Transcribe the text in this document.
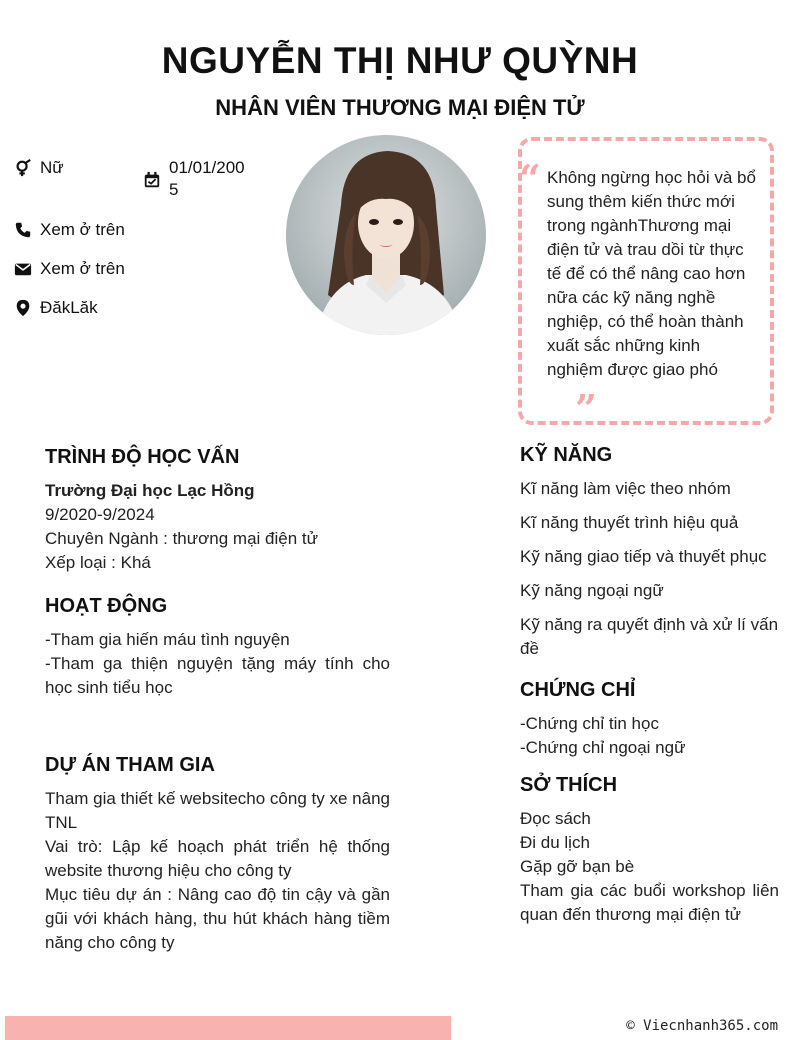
NGUYỄN THỊ NHƯ QUỲNH
NHÂN VIÊN THƯƠNG MẠI ĐIỆN TỬ
Nữ	01/01/200
5
Xem ở trên
Xem ở trên
ĐăkLăk
“ Không ngừng học hỏi và bổ sung thêm kiến thức mới trong ngànhThương mại điện tử và trau dồi từ thực tế để có thể nâng cao hơn nữa các kỹ năng nghề nghiệp, có thể hoàn thành xuất sắc những kinh nghiệm được giao phó
”
TRÌNH ĐỘ HỌC VẤN
Trường Đại học Lạc Hồng
9/2020-9/2024
Chuyên Ngành : thương mại điện tử
Xếp loại : Khá
HOẠT ĐỘNG
-Tham gia hiến máu tình nguyện
-Tham ga thiện nguyện tặng máy tính cho học sinh tiểu học
DỰ ÁN THAM GIA
Tham gia thiết kế websitecho công ty xe nâng TNL
Vai trò: Lập kế hoạch phát triển hệ thống website thương hiệu cho công ty
Mục tiêu dự án : Nâng cao độ tin cậy và gần gũi với khách hàng, thu hút khách hàng tiềm năng cho công ty
KỸ NĂNG
Kĩ năng làm việc theo nhóm
Kĩ năng thuyết trình hiệu quả
Kỹ năng giao tiếp và thuyết phục
Kỹ năng ngoại ngữ
Kỹ năng ra quyết định và xử lí vấn đề
CHỨNG CHỈ
-Chứng chỉ tin học
-Chứng chỉ ngoại ngữ
SỞ THÍCH
Đọc sách
Đi du lịch
Gặp gỡ bạn bè
Tham gia các buổi workshop liên quan đến thương mại điện tử
© Viecnhanh365.com
